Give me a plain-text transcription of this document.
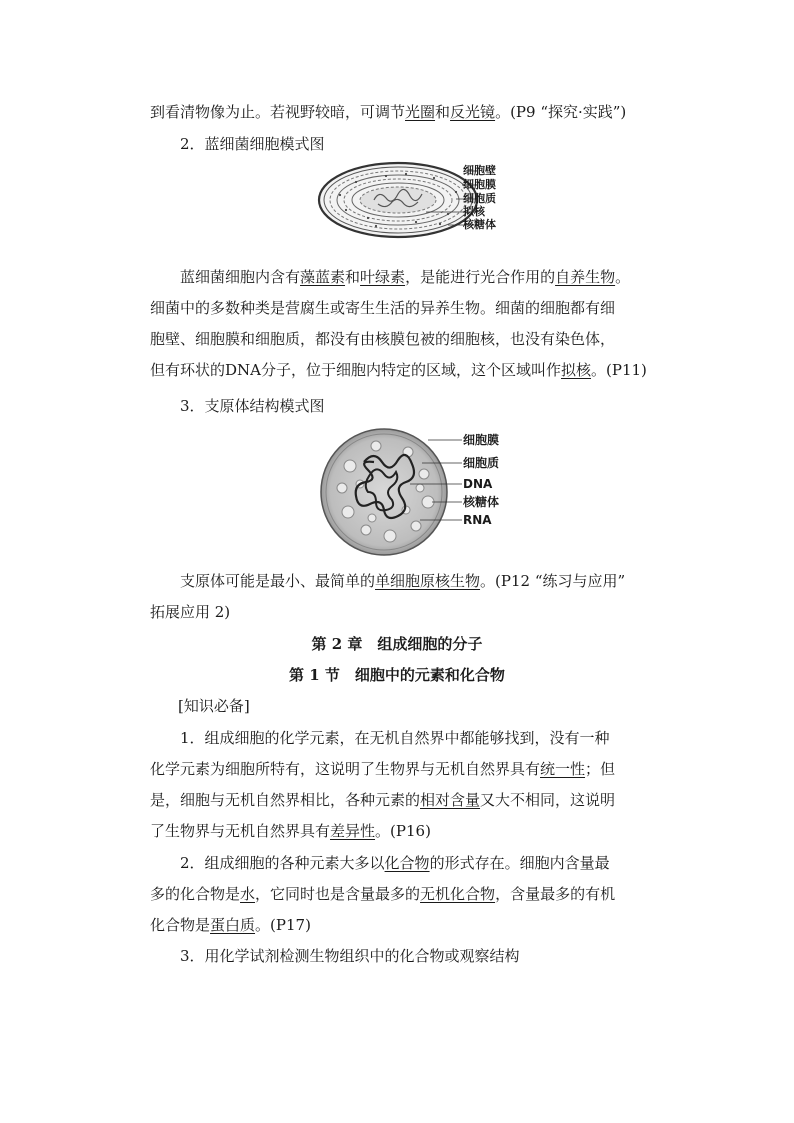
到看清物像为止。若视野较暗，可调节光圈和反光镜。(P9 “探究·实践”)
2．蓝细菌细胞模式图
细胞壁
细胞膜
细胞质
拟核
核糖体
蓝细菌细胞内含有藻蓝素和叶绿素，是能进行光合作用的自养生物。
细菌中的多数种类是营腐生或寄生生活的异养生物。细菌的细胞都有细
胞壁、细胞膜和细胞质，都没有由核膜包被的细胞核，也没有染色体，
但有环状的DNA分子，位于细胞内特定的区域，这个区域叫作拟核。(P11)
3．支原体结构模式图
细胞膜
细胞质
DNA
核糖体
RNA
支原体可能是最小、最简单的单细胞原核生物。(P12 “练习与应用”
拓展应用 2)
第 2 章　组成细胞的分子
第 1 节　细胞中的元素和化合物
[知识必备]
1．组成细胞的化学元素，在无机自然界中都能够找到，没有一种
化学元素为细胞所特有，这说明了生物界与无机自然界具有统一性；但
是，细胞与无机自然界相比，各种元素的相对含量又大不相同，这说明
了生物界与无机自然界具有差异性。(P16)
2．组成细胞的各种元素大多以化合物的形式存在。细胞内含量最
多的化合物是水，它同时也是含量最多的无机化合物，含量最多的有机
化合物是蛋白质。(P17)
3．用化学试剂检测生物组织中的化合物或观察结构
